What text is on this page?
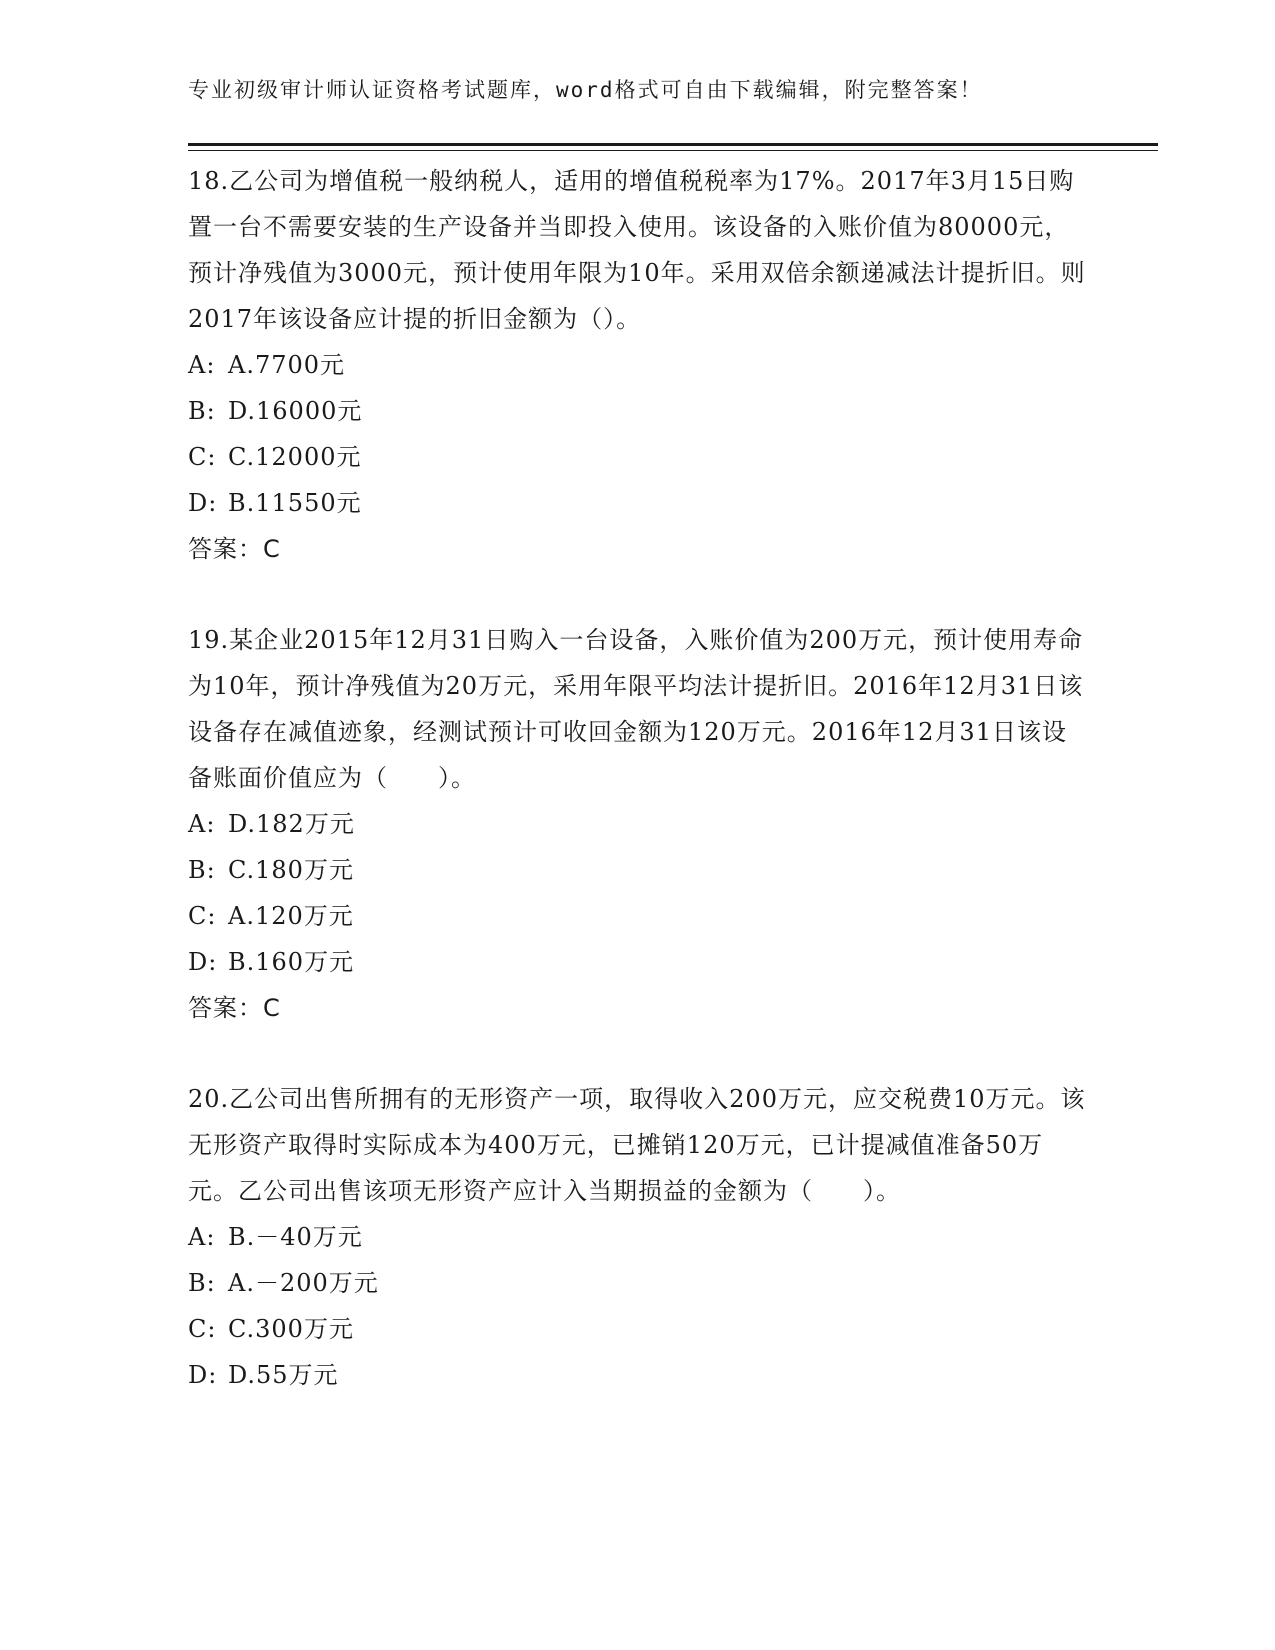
专业初级审计师认证资格考试题库，word格式可自由下载编辑，附完整答案！

18.乙公司为增值税一般纳税人，适用的增值税税率为17%。2017年3月15日购置一台不需要安装的生产设备并当即投入使用。该设备的入账价值为80000元，预计净残值为3000元，预计使用年限为10年。采用双倍余额递减法计提折旧。则2017年该设备应计提的折旧金额为（）。

A: A.7700元
B: D.16000元
C: C.12000元
D: B.11550元
答案：C

19.某企业2015年12月31日购入一台设备，入账价值为200万元，预计使用寿命为10年，预计净残值为20万元，采用年限平均法计提折旧。2016年12月31日该设备存在减值迹象，经测试预计可收回金额为120万元。2016年12月31日该设备账面价值应为（　　）。

A: D.182万元
B: C.180万元
C: A.120万元
D: B.160万元
答案：C

20.乙公司出售所拥有的无形资产一项，取得收入200万元，应交税费10万元。该无形资产取得时实际成本为400万元，已摊销120万元，已计提减值准备50万元。乙公司出售该项无形资产应计入当期损益的金额为（　　）。

A: B.－40万元
B: A.－200万元
C: C.300万元
D: D.55万元
